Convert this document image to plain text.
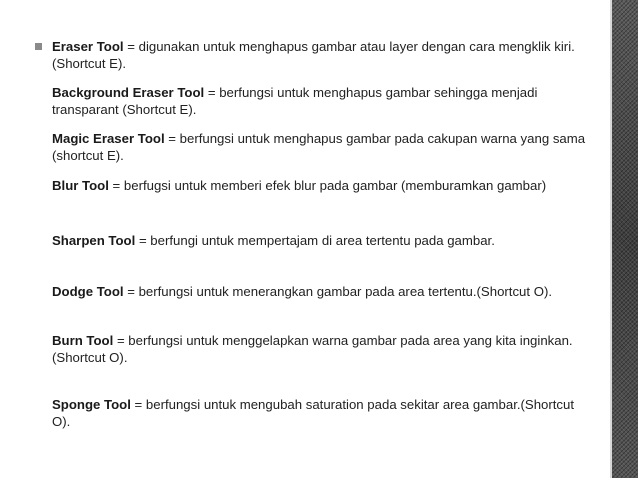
Eraser Tool = digunakan untuk menghapus gambar atau layer dengan cara mengklik kiri. (Shortcut E).

Background Eraser Tool = berfungsi untuk menghapus gambar sehingga menjadi transparant (Shortcut E).

Magic Eraser Tool = berfungsi untuk menghapus gambar pada cakupan warna yang sama (shortcut E).

Blur Tool = berfugsi untuk memberi efek blur pada gambar (memburamkan gambar)

Sharpen Tool = berfungi untuk mempertajam di area tertentu pada gambar.

Dodge Tool = berfungsi untuk menerangkan gambar pada area tertentu.(Shortcut O).

Burn Tool = berfungsi untuk menggelapkan warna gambar pada area yang kita inginkan. (Shortcut O).

Sponge Tool = berfungsi untuk mengubah saturation pada sekitar area gambar.(Shortcut O).
